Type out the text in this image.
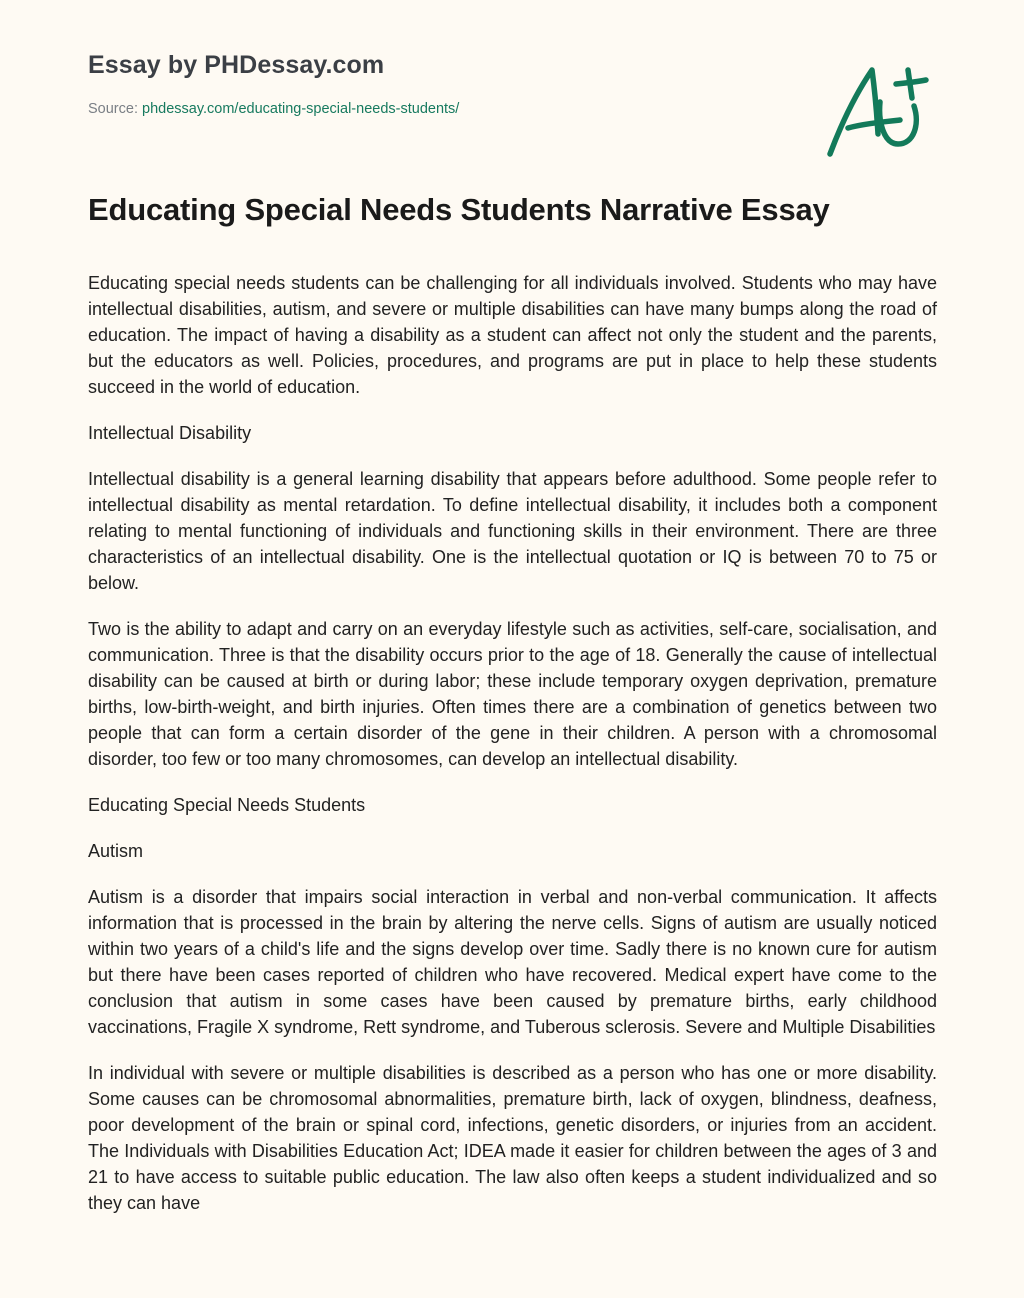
Essay by PHDessay.com
Source: phdessay.com/educating-special-needs-students/
Educating Special Needs Students Narrative Essay

Educating special needs students can be challenging for all individuals involved. Students who may have intellectual disabilities, autism, and severe or multiple disabilities can have many bumps along the road of education. The impact of having a disability as a student can affect not only the student and the parents, but the educators as well. Policies, procedures, and programs are put in place to help these students succeed in the world of education.

Intellectual Disability

Intellectual disability is a general learning disability that appears before adulthood. Some people refer to intellectual disability as mental retardation. To define intellectual disability, it includes both a component relating to mental functioning of individuals and functioning skills in their environment. There are three characteristics of an intellectual disability. One is the intellectual quotation or IQ is between 70 to 75 or below.

Two is the ability to adapt and carry on an everyday lifestyle such as activities, self-care, socialisation, and communication. Three is that the disability occurs prior to the age of 18. Generally the cause of intellectual disability can be caused at birth or during labor; these include temporary oxygen deprivation, premature births, low-birth-weight, and birth injuries. Often times there are a combination of genetics between two people that can form a certain disorder of the gene in their children. A person with a chromosomal disorder, too few or too many chromosomes, can develop an intellectual disability.

Educating Special Needs Students

Autism

Autism is a disorder that impairs social interaction in verbal and non-verbal communication. It affects information that is processed in the brain by altering the nerve cells. Signs of autism are usually noticed within two years of a child's life and the signs develop over time. Sadly there is no known cure for autism but there have been cases reported of children who have recovered. Medical expert have come to the conclusion that autism in some cases have been caused by premature births, early childhood vaccinations, Fragile X syndrome, Rett syndrome, and Tuberous sclerosis. Severe and Multiple Disabilities

In individual with severe or multiple disabilities is described as a person who has one or more disability. Some causes can be chromosomal abnormalities, premature birth, lack of oxygen, blindness, deafness, poor development of the brain or spinal cord, infections, genetic disorders, or injuries from an accident. The Individuals with Disabilities Education Act; IDEA made it easier for children between the ages of 3 and 21 to have access to suitable public education. The law also often keeps a student individualized and so they can have
